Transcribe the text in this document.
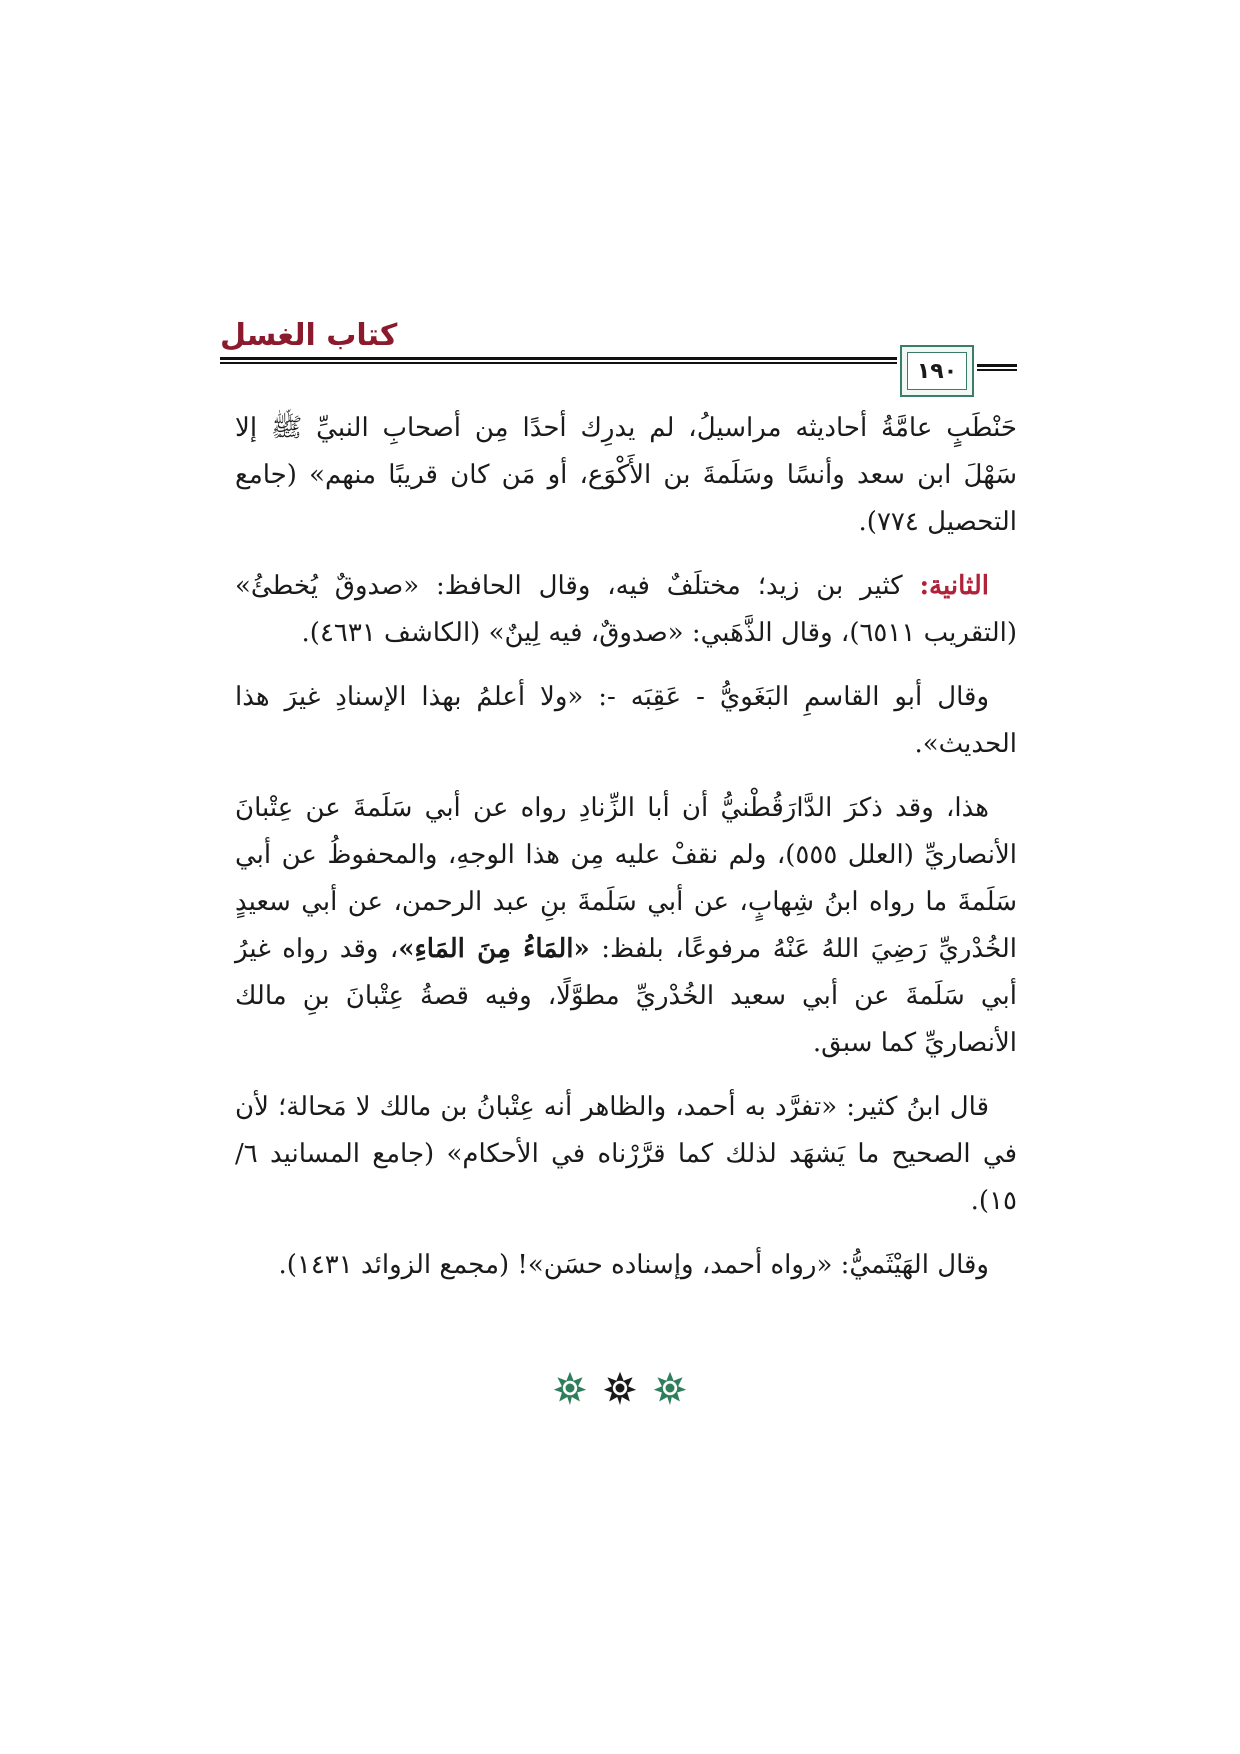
كتاب الغسل
١٩٠

حَنْطَبٍ عامَّةُ أحاديثه مراسيلُ، لم يدرِك أحدًا مِن أصحابِ النبيِّ ﷺ إلا سَهْلَ ابن سعد وأنسًا وسَلَمةَ بن الأَكْوَع، أو مَن كان قريبًا منهم» (جامع التحصيل ٧٧٤).

الثانية: كثير بن زيد؛ مختلَفٌ فيه، وقال الحافظ: «صدوقٌ يُخطئُ» (التقريب ٦٥١١)، وقال الذَّهَبي: «صدوقٌ، فيه لِينٌ» (الكاشف ٤٦٣١).

وقال أبو القاسمِ البَغَويُّ - عَقِبَه -: «ولا أعلمُ بهذا الإسنادِ غيرَ هذا الحديث».

هذا، وقد ذكرَ الدَّارَقُطْنيُّ أن أبا الزِّنادِ رواه عن أبي سَلَمةَ عن عِتْبانَ الأنصاريِّ (العلل ٥٥٥)، ولم نقفْ عليه مِن هذا الوجهِ، والمحفوظُ عن أبي سَلَمةَ ما رواه ابنُ شِهابٍ، عن أبي سَلَمةَ بنِ عبد الرحمن، عن أبي سعيدٍ الخُدْريِّ رَضِيَ اللهُ عَنْهُ مرفوعًا، بلفظ: «المَاءُ مِنَ المَاءِ»، وقد رواه غيرُ أبي سَلَمةَ عن أبي سعيد الخُدْريِّ مطوَّلًا، وفيه قصةُ عِتْبانَ بنِ مالك الأنصاريِّ كما سبق.

قال ابنُ كثير: «تفرَّد به أحمد، والظاهر أنه عِتْبانُ بن مالك لا مَحالة؛ لأن في الصحيح ما يَشهَد لذلك كما قرَّرْناه في الأحكام» (جامع المسانيد ٦/ ١٥).

وقال الهَيْثَميُّ: «رواه أحمد، وإسناده حسَن»! (مجمع الزوائد ١٤٣١).
